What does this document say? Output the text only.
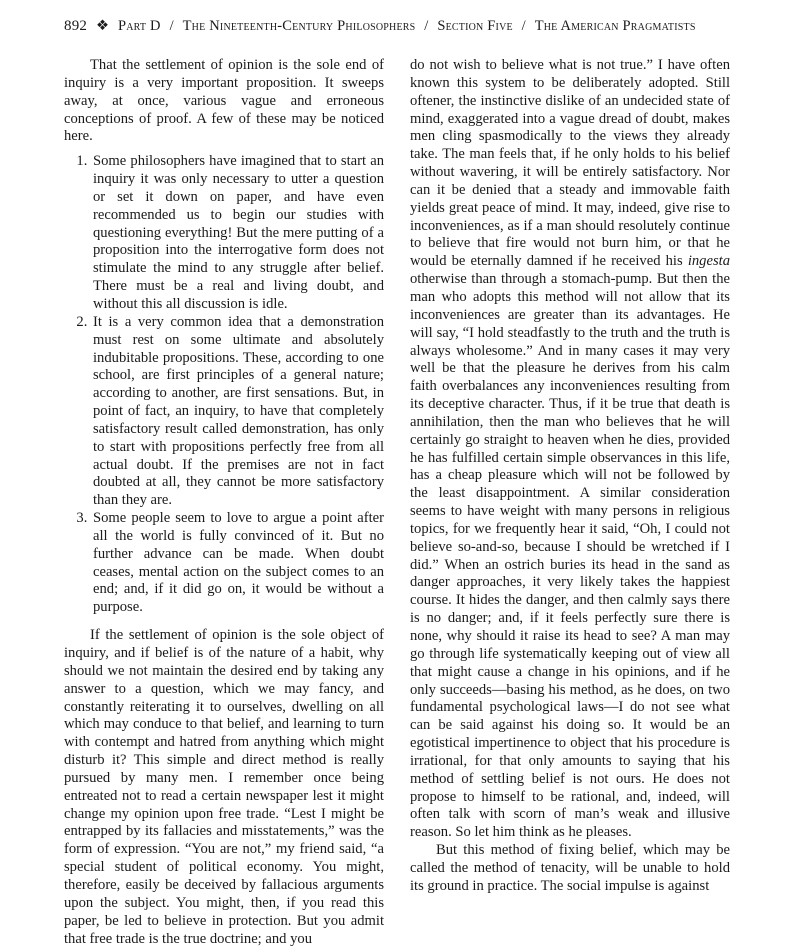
892 ❖ Part D / The Nineteenth-Century Philosophers / Section Five / The American Pragmatists

That the settlement of opinion is the sole end of inquiry is a very important proposition. It sweeps away, at once, various vague and erroneous conceptions of proof. A few of these may be noticed here.

1. Some philosophers have imagined that to start an inquiry it was only necessary to utter a question or set it down on paper, and have even recommended us to begin our studies with questioning everything! But the mere putting of a proposition into the interrogative form does not stimulate the mind to any struggle after belief. There must be a real and living doubt, and without this all discussion is idle.
2. It is a very common idea that a demonstration must rest on some ultimate and absolutely indubitable propositions. These, according to one school, are first principles of a general nature; according to another, are first sensations. But, in point of fact, an inquiry, to have that completely satisfactory result called demonstration, has only to start with propositions perfectly free from all actual doubt. If the premises are not in fact doubted at all, they cannot be more satisfactory than they are.
3. Some people seem to love to argue a point after all the world is fully convinced of it. But no further advance can be made. When doubt ceases, mental action on the subject comes to an end; and, if it did go on, it would be without a purpose.

If the settlement of opinion is the sole object of inquiry, and if belief is of the nature of a habit, why should we not maintain the desired end by taking any answer to a question, which we may fancy, and constantly reiterating it to ourselves, dwelling on all which may conduce to that belief, and learning to turn with contempt and hatred from anything which might disturb it? This simple and direct method is really pursued by many men. I remember once being entreated not to read a certain newspaper lest it might change my opinion upon free trade. “Lest I might be entrapped by its fallacies and misstatements,” was the form of expression. “You are not,” my friend said, “a special student of political economy. You might, therefore, easily be deceived by fallacious arguments upon the subject. You might, then, if you read this paper, be led to believe in protection. But you admit that free trade is the true doctrine; and you

do not wish to believe what is not true.” I have often known this system to be deliberately adopted. Still oftener, the instinctive dislike of an undecided state of mind, exaggerated into a vague dread of doubt, makes men cling spasmodically to the views they already take. The man feels that, if he only holds to his belief without wavering, it will be entirely satisfactory. Nor can it be denied that a steady and immovable faith yields great peace of mind. It may, indeed, give rise to inconveniences, as if a man should resolutely continue to believe that fire would not burn him, or that he would be eternally damned if he received his ingesta otherwise than through a stomach-pump. But then the man who adopts this method will not allow that its inconveniences are greater than its advantages. He will say, “I hold steadfastly to the truth and the truth is always wholesome.” And in many cases it may very well be that the pleasure he derives from his calm faith overbalances any inconveniences resulting from its deceptive character. Thus, if it be true that death is annihilation, then the man who believes that he will certainly go straight to heaven when he dies, provided he has fulfilled certain simple observances in this life, has a cheap pleasure which will not be followed by the least disappointment. A similar consideration seems to have weight with many persons in religious topics, for we frequently hear it said, “Oh, I could not believe so-and-so, because I should be wretched if I did.” When an ostrich buries its head in the sand as danger approaches, it very likely takes the happiest course. It hides the danger, and then calmly says there is no danger; and, if it feels perfectly sure there is none, why should it raise its head to see? A man may go through life systematically keeping out of view all that might cause a change in his opinions, and if he only succeeds—basing his method, as he does, on two fundamental psychological laws—I do not see what can be said against his doing so. It would be an egotistical impertinence to object that his procedure is irrational, for that only amounts to saying that his method of settling belief is not ours. He does not propose to himself to be rational, and, indeed, will often talk with scorn of man’s weak and illusive reason. So let him think as he pleases.

But this method of fixing belief, which may be called the method of tenacity, will be unable to hold its ground in practice. The social impulse is against
